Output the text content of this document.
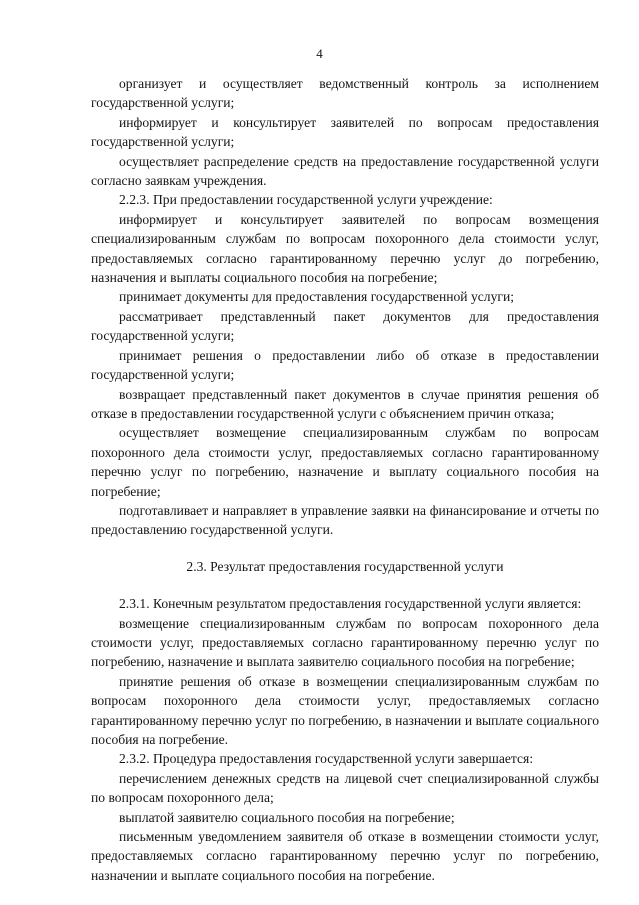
4

организует и осуществляет ведомственный контроль за исполнением государственной услуги;

информирует и консультирует заявителей по вопросам предоставления государственной услуги;

осуществляет распределение средств на предоставление государственной услуги согласно заявкам учреждения.

2.2.3. При предоставлении государственной услуги учреждение:

информирует и консультирует заявителей по вопросам возмещения специализированным службам по вопросам похоронного дела стоимости услуг, предоставляемых согласно гарантированному перечню услуг до погребению, назначения и выплаты социального пособия на погребение;

принимает документы для предоставления государственной услуги;

рассматривает представленный пакет документов для предоставления государственной услуги;

принимает решения о предоставлении либо об отказе в предоставлении государственной услуги;

возвращает представленный пакет документов в случае принятия решения об отказе в предоставлении государственной услуги с объяснением причин отказа;

осуществляет возмещение специализированным службам по вопросам похоронного дела стоимости услуг, предоставляемых согласно гарантированному перечню услуг по погребению, назначение и выплату социального пособия на погребение;

подготавливает и направляет в управление заявки на финансирование и отчеты по предоставлению государственной услуги.

2.3. Результат предоставления государственной услуги

2.3.1. Конечным результатом предоставления государственной услуги является:

возмещение специализированным службам по вопросам похоронного дела стоимости услуг, предоставляемых согласно гарантированному перечню услуг по погребению, назначение и выплата заявителю социального пособия на погребение;

принятие решения об отказе в возмещении специализированным службам по вопросам похоронного дела стоимости услуг, предоставляемых согласно гарантированному перечню услуг по погребению, в назначении и выплате социального пособия на погребение.

2.3.2. Процедура предоставления государственной услуги завершается:

перечислением денежных средств на лицевой счет специализированной службы по вопросам похоронного дела;

выплатой заявителю социального пособия на погребение;

письменным уведомлением заявителя об отказе в возмещении стоимости услуг, предоставляемых согласно гарантированному перечню услуг по погребению, назначении и выплате социального пособия на погребение.
